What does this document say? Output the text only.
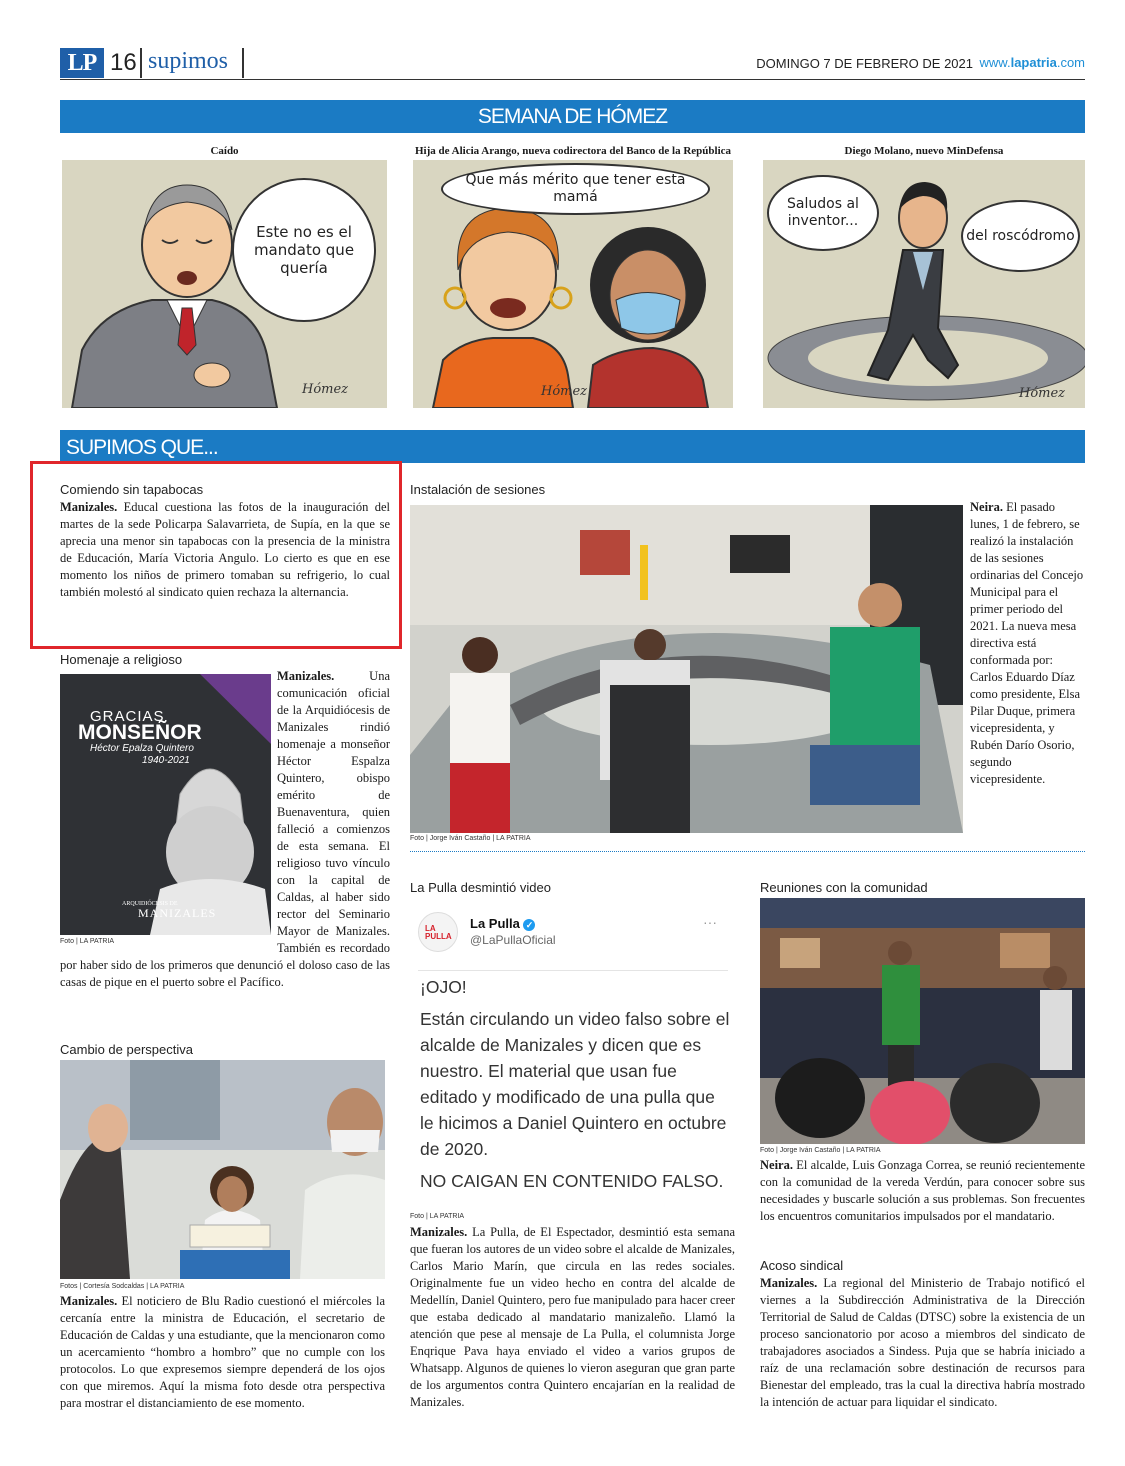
LP 16 supimos	DOMINGO 7 DE FEBRERO DE 2021 www.lapatria.com
SEMANA DE HÓMEZ
Caído
Este no es el mandato que quería
Hómez
Hija de Alicia Arango, nueva codirectora del Banco de la República
Que más mérito que tener esta mamá
Hómez
Diego Molano, nuevo MinDefensa
Saludos al inventor...
del roscódromo
Hómez
SUPIMOS QUE...
Comiendo sin tapabocas
Manizales. Educal cuestiona las fotos de la inauguración del martes de la sede Policarpa Salavarrieta, de Supía, en la que se aprecia una menor sin tapabocas con la presencia de la ministra de Educación, María Victoria Angulo. Lo cierto es que en ese momento los niños de primero tomaban su refrigerio, lo cual también molestó al sindicato quien rechaza la alternancia.
Homenaje a religioso
GRACIAS
MONSEÑOR
Héctor Epalza Quintero
1940-2021
ARQUIDIÓCESIS DE
MANIZALES
Foto | LA PATRIA
Manizales. Una comunicación oficial de la Arquidiócesis de Manizales rindió homenaje a monseñor Héctor Espalza Quintero, obispo emérito de Buenaventura, quien falleció a comienzos de esta semana. El religioso tuvo vínculo con la capital de Caldas, al haber sido rector del Seminario Mayor de Manizales. También es recordado por haber sido de los primeros que denunció el doloso caso de las casas de pique en el puerto sobre el Pacífico.
Cambio de perspectiva
Fotos | Cortesía Sodcaldas | LA PATRIA
Manizales. El noticiero de Blu Radio cuestionó el miércoles la cercanía entre la ministra de Educación, el secretario de Educación de Caldas y una estudiante, que la mencionaron como un acercamiento “hombro a hombro” que no cumple con los protocolos. Lo que expresemos siempre dependerá de los ojos con que miremos. Aquí la misma foto desde otra perspectiva para mostrar el distanciamiento de ese momento.
Instalación de sesiones
Foto | Jorge Iván Castaño | LA PATRIA
Neira. El pasado lunes, 1 de febrero, se realizó la instalación de las sesiones ordinarias del Concejo Municipal para el primer periodo del 2021. La nueva mesa directiva está conformada por: Carlos Eduardo Díaz como presidente, Elsa Pilar Duque, primera vicepresidenta, y Rubén Darío Osorio, segundo vicepresidente.
La Pulla desmintió video
LA PULLA
La Pulla ✓
@LaPullaOficial
···

¡OJO!

Están circulando un video falso sobre el alcalde de Manizales y dicen que es nuestro. El material que usan fue editado y modificado de una pulla que le hicimos a Daniel Quintero en octubre de 2020.

NO CAIGAN EN CONTENIDO FALSO.

Foto | LA PATRIA
Manizales. La Pulla, de El Espectador, desmintió esta semana que fueran los autores de un video sobre el alcalde de Manizales, Carlos Mario Marín, que circula en las redes sociales. Originalmente fue un video hecho en contra del alcalde de Medellín, Daniel Quintero, pero fue manipulado para hacer creer que estaba dedicado al mandatario manizaleño. Llamó la atención que pese al mensaje de La Pulla, el columnista Jorge Enqrique Pava haya enviado el video a varios grupos de Whatsapp. Algunos de quienes lo vieron aseguran que gran parte de los argumentos contra Quintero encajarían en la realidad de Manizales.
Reuniones con la comunidad
Foto | Jorge Iván Castaño | LA PATRIA
Neira. El alcalde, Luis Gonzaga Correa, se reunió recientemente con la comunidad de la vereda Verdún, para conocer sobre sus necesidades y buscarle solución a sus problemas. Son frecuentes los encuentros comunitarios impulsados por el mandatario.
Acoso sindical
Manizales. La regional del Ministerio de Trabajo notificó el viernes a la Subdirección Administrativa de la Dirección Territorial de Salud de Caldas (DTSC) sobre la existencia de un proceso sancionatorio por acoso a miembros del sindicato de trabajadores asociados a Sindess. Puja que se habría iniciado a raíz de una reclamación sobre destinación de recursos para Bienestar del empleado, tras la cual la directiva habría mostrado la intención de actuar para liquidar el sindicato.
